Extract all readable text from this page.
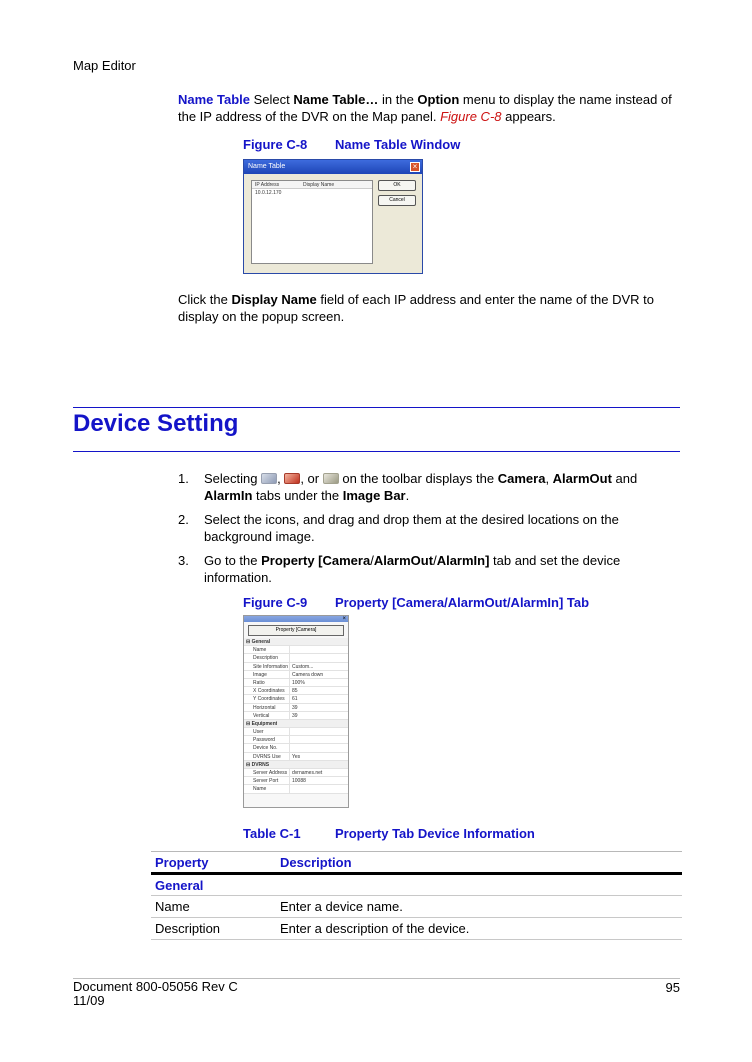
Map Editor

Name Table Select Name Table… in the Option menu to display the name instead of the IP address of the DVR on the Map panel. Figure C-8 appears.

Figure C-8 Name Table Window
Name Table	×
IP Address	Display Name
10.0.12.170
OK
Cancel

Click the Display Name field of each IP address and enter the name of the DVR to display on the popup screen.

Device Setting
1.	Selecting , , or  on the toolbar displays the Camera, AlarmOut and AlarmIn tabs under the Image Bar.
2.	Select the icons, and drag and drop them at the desired locations on the background image.
3.	Go to the Property [Camera/AlarmOut/AlarmIn] tab and set the device information.
Figure C-9 Property [Camera/AlarmOut/AlarmIn] Tab
×
Property [Camera]
⊟ General
Name
Description
Site Information Custom...
Image	Camera down
Ratio	100%
X Coordinates	85
Y Coordinates	61
Horizontal	39
Vertical	39
⊟ Equipment
User
Password
Device No.
DVRNS Use	Yes
⊟ DVRNS
Server Address dvrnames.net
Server Port	10088
Name
Table C-1	Property Tab Device Information
Property	Description
General	
Name	Enter a device name.
Description	Enter a description of the device.
Document 800-05056 Rev C
11/09
95
